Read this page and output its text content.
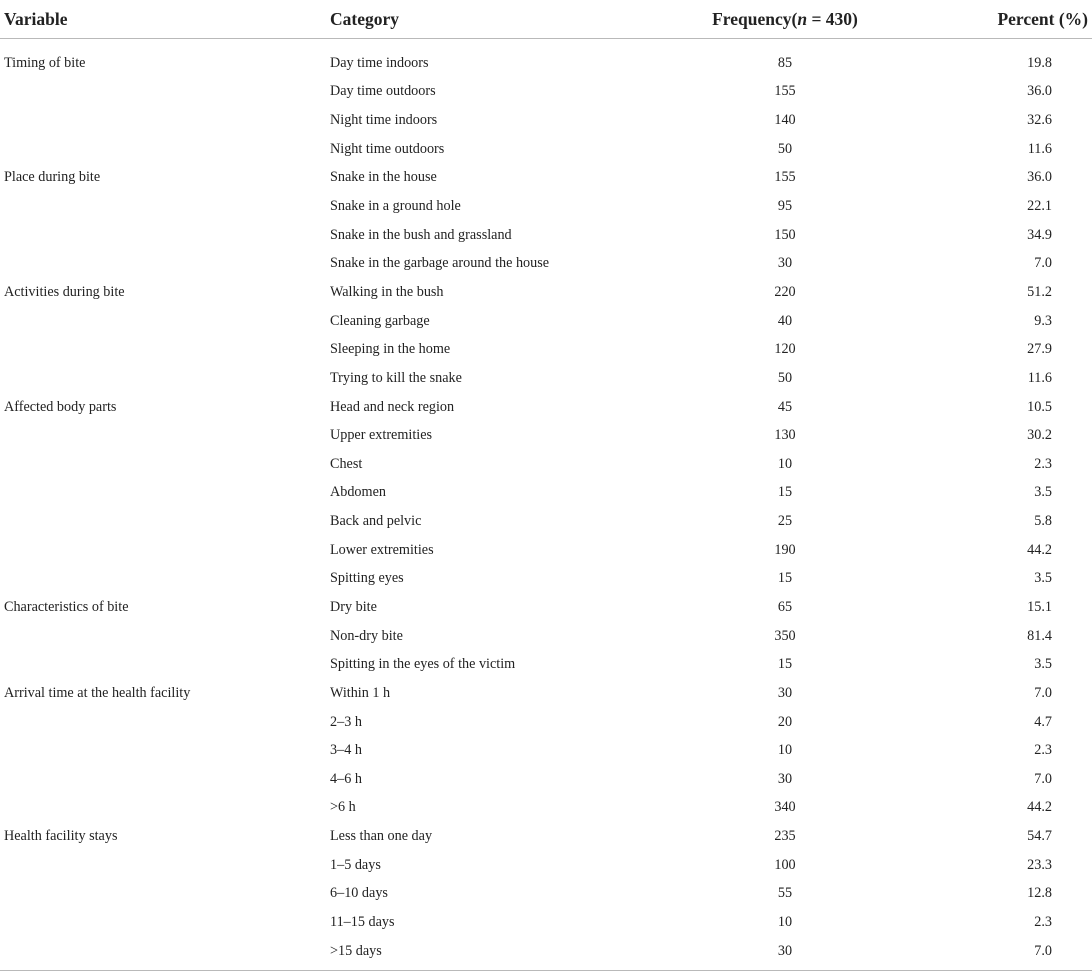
Variable	Category	Frequency(n = 430)	Percent (%)
Timing of bite	Day time indoors	85	19.8
	Day time outdoors	155	36.0
	Night time indoors	140	32.6
	Night time outdoors	50	11.6
Place during bite	Snake in the house	155	36.0
	Snake in a ground hole	95	22.1
	Snake in the bush and grassland	150	34.9
	Snake in the garbage around the house	30	7.0
Activities during bite	Walking in the bush	220	51.2
	Cleaning garbage	40	9.3
	Sleeping in the home	120	27.9
	Trying to kill the snake	50	11.6
Affected body parts	Head and neck region	45	10.5
	Upper extremities	130	30.2
	Chest	10	2.3
	Abdomen	15	3.5
	Back and pelvic	25	5.8
	Lower extremities	190	44.2
	Spitting eyes	15	3.5
Characteristics of bite	Dry bite	65	15.1
	Non-dry bite	350	81.4
	Spitting in the eyes of the victim	15	3.5
Arrival time at the health facility	Within 1 h	30	7.0
	2–3 h	20	4.7
	3–4 h	10	2.3
	4–6 h	30	7.0
	>6 h	340	44.2
Health facility stays	Less than one day	235	54.7
	1–5 days	100	23.3
	6–10 days	55	12.8
	11–15 days	10	2.3
	>15 days	30	7.0
